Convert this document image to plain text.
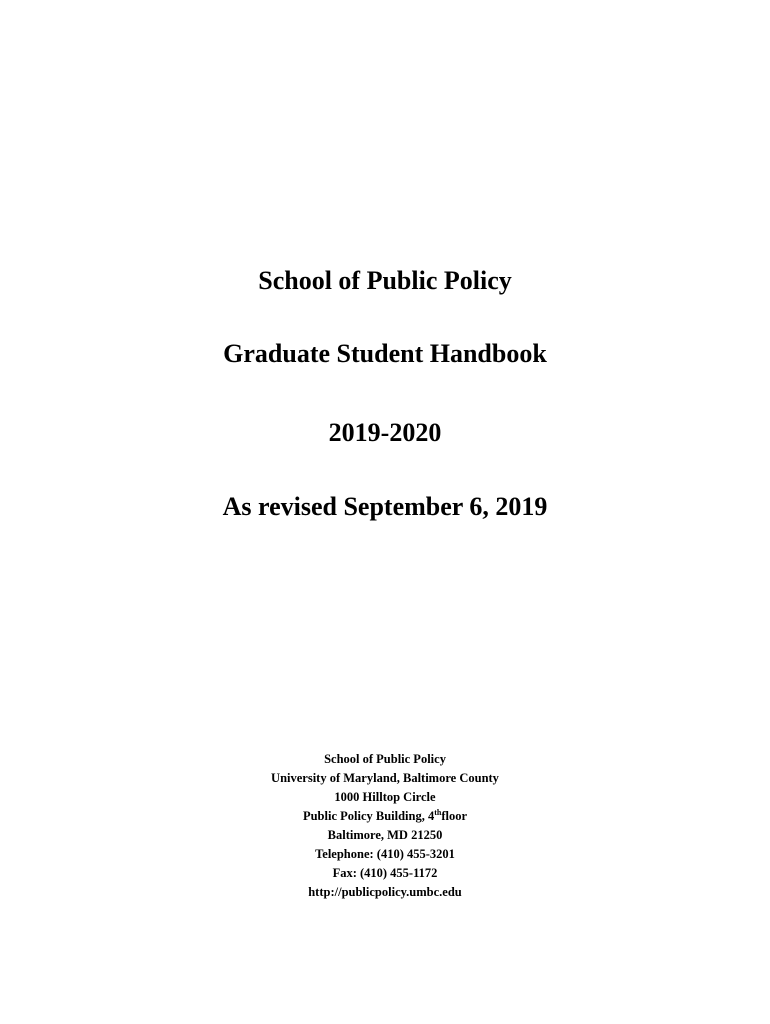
School of Public Policy
Graduate Student Handbook
2019-2020
As revised September 6, 2019
School of Public Policy
University of Maryland, Baltimore County
1000 Hilltop Circle
Public Policy Building, 4thfloor
Baltimore, MD 21250
Telephone: (410) 455-3201
Fax: (410) 455-1172
http://publicpolicy.umbc.edu
